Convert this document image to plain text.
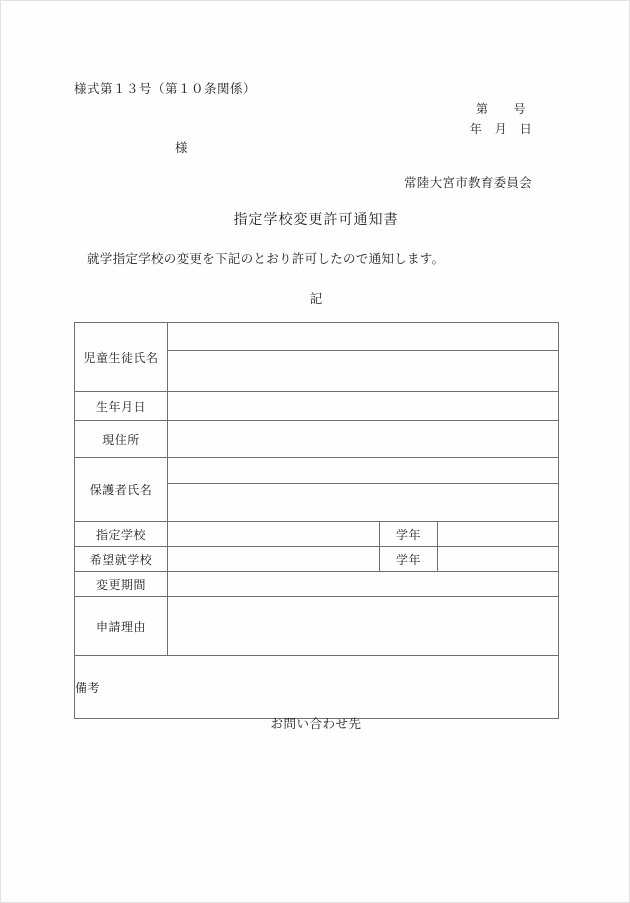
様式第１３号（第１０条関係）
第　　号
年　月　日
様
常陸大宮市教育委員会
指定学校変更許可通知書
就学指定学校の変更を下記のとおり許可したので通知します。
記
児童生徒氏名	

生年月日	
現住所	
保護者氏名	

指定学校		学年	
希望就学校		学年	
変更期間	
申請理由	
備考
お問い合わせ先
